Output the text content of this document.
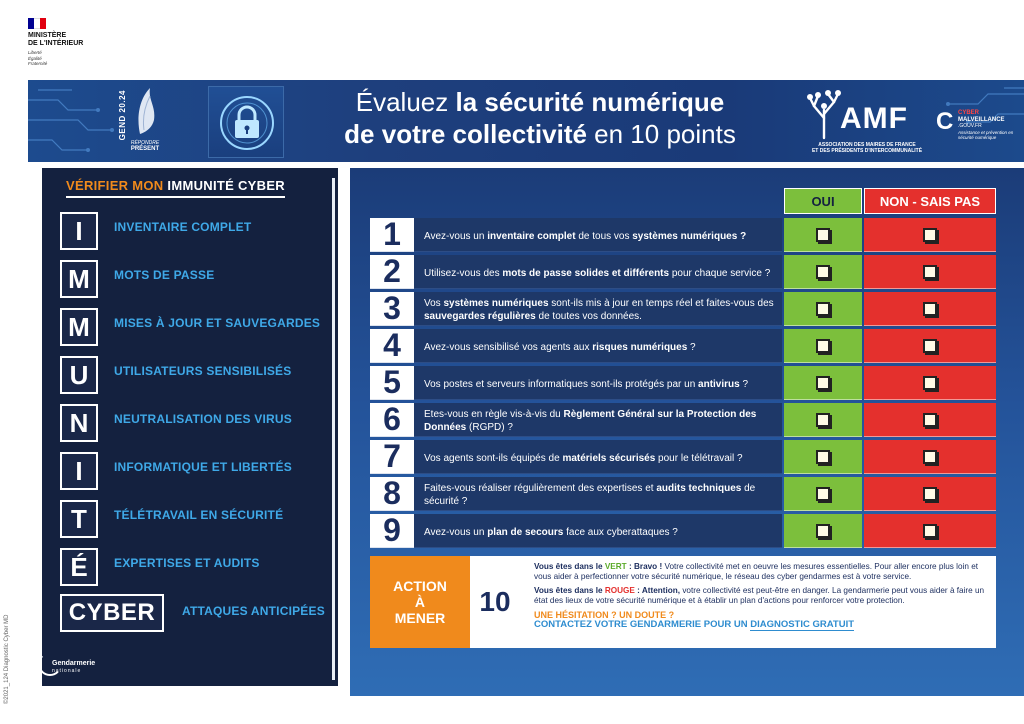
MINISTÈRE
DE L'INTÉRIEUR
Liberté
Égalité
Fraternité
GEND 20.24
RÉPONDRE
PRÉSENT
Évaluez la sécurité numérique
de votre collectivité en 10 points	AMF
ASSOCIATION DES MAIRES DE FRANCE
ET DES PRÉSIDENTS D'INTERCOMMUNALITÉ
C CYBER
MALVEILLANCE
.GOUV.FR
Assistance et prévention en sécurité numérique
VÉRIFIER MON IMMUNITÉ CYBER
I	INVENTAIRE COMPLET
M	MOTS DE PASSE
M	MISES À JOUR ET SAUVEGARDES
U	UTILISATEURS SENSIBILISÉS
N	NEUTRALISATION DES VIRUS
I	INFORMATIQUE ET LIBERTÉS
T	TÉLÉTRAVAIL EN SÉCURITÉ
É	EXPERTISES ET AUDITS
CYBER	ATTAQUES ANTICIPÉES
Gendarmerie
nationale
©2021_124 Diagnostic Cyber MD
OUI	NON - SAIS PAS
1	Avez-vous un inventaire complet de tous vos systèmes numériques ?
2	Utilisez-vous des mots de passe solides et différents pour chaque service ?
3	Vos systèmes numériques sont-ils mis à jour en temps réel et faites-vous des sauvegardes régulières de toutes vos données.
4	Avez-vous sensibilisé vos agents aux risques numériques ?
5	Vos postes et serveurs informatiques sont-ils protégés par un antivirus ?
6	Etes-vous en règle vis-à-vis du Règlement Général sur la Protection des Données (RGPD) ?
7	Vos agents sont-ils équipés de matériels sécurisés pour le télétravail ?
8	Faites-vous réaliser régulièrement des expertises et audits techniques de sécurité ?
9	Avez-vous un plan de secours face aux cyberattaques ?
ACTION
À
MENER
10

Vous êtes dans le VERT : Bravo ! Votre collectivité met en oeuvre les mesures essentielles. Pour aller encore plus loin et vous aider à perfectionner votre sécurité numérique, le réseau des cyber gendarmes est à votre service.

Vous êtes dans le ROUGE : Attention, votre collectivité est peut-être en danger. La gendarmerie peut vous aider à faire un état des lieux de votre sécurité numérique et à établir un plan d'actions pour renforcer votre protection.

UNE HÉSITATION ? UN DOUTE ?
CONTACTEZ VOTRE GENDARMERIE POUR UN DIAGNOSTIC GRATUIT
